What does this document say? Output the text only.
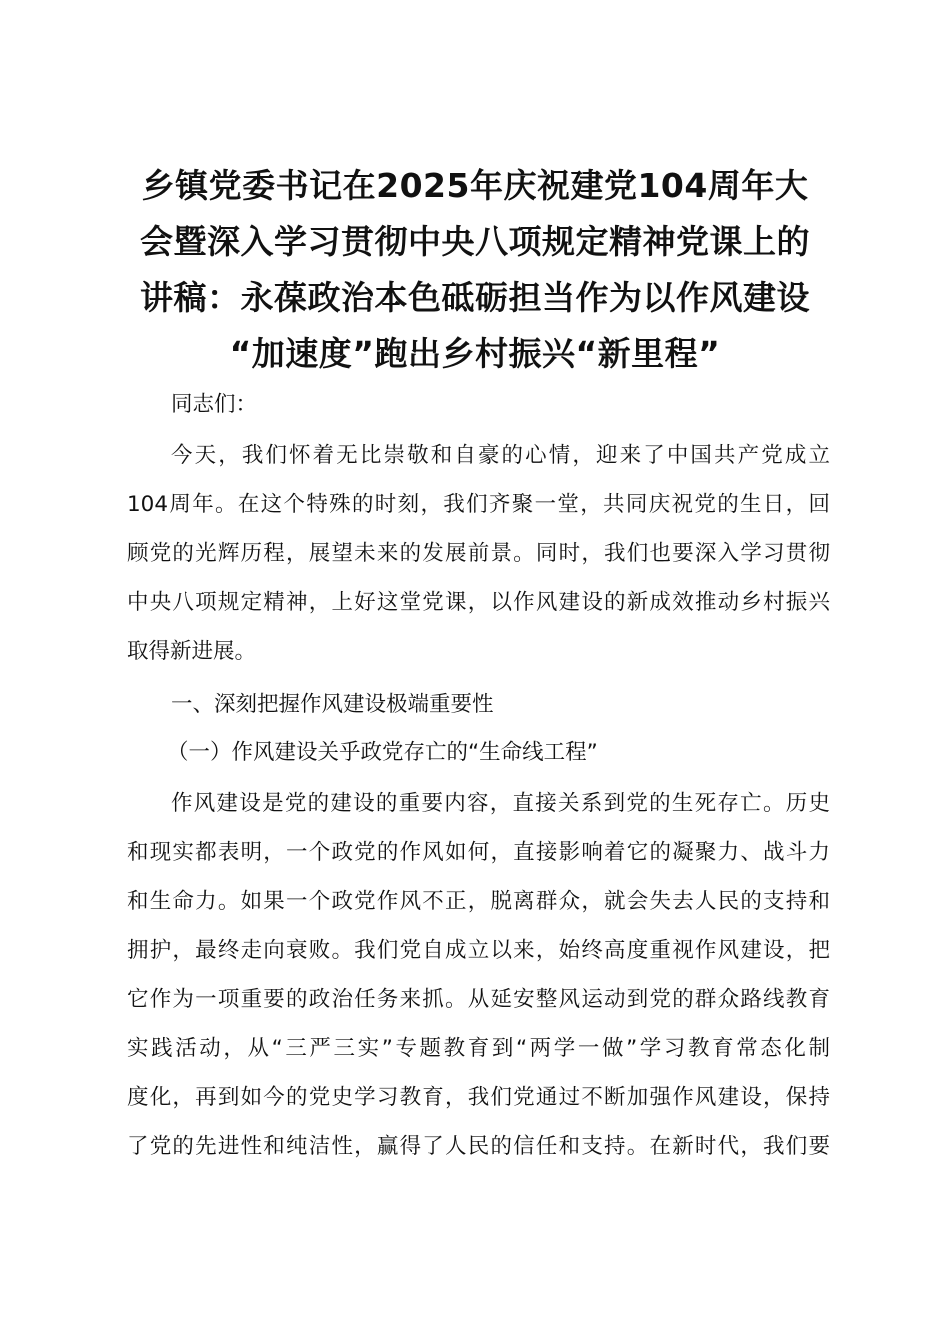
乡镇党委书记在2025年庆祝建党104周年大
会暨深入学习贯彻中央八项规定精神党课上的
讲稿：永葆政治本色砥砺担当作为以作风建设
“加速度”跑出乡村振兴“新里程”

同志们：

今天，我们怀着无比崇敬和自豪的心情，迎来了中国共产党成立
104周年。在这个特殊的时刻，我们齐聚一堂，共同庆祝党的生日，回
顾党的光辉历程，展望未来的发展前景。同时，我们也要深入学习贯彻
中央八项规定精神，上好这堂党课，以作风建设的新成效推动乡村振兴
取得新进展。

一、深刻把握作风建设极端重要性

（一）作风建设关乎政党存亡的“生命线工程”

作风建设是党的建设的重要内容，直接关系到党的生死存亡。历史
和现实都表明，一个政党的作风如何，直接影响着它的凝聚力、战斗力
和生命力。如果一个政党作风不正，脱离群众，就会失去人民的支持和
拥护，最终走向衰败。我们党自成立以来，始终高度重视作风建设，把
它作为一项重要的政治任务来抓。从延安整风运动到党的群众路线教育
实践活动，从“三严三实”专题教育到“两学一做”学习教育常态化制
度化，再到如今的党史学习教育，我们党通过不断加强作风建设，保持
了党的先进性和纯洁性，赢得了人民的信任和支持。在新时代，我们要
